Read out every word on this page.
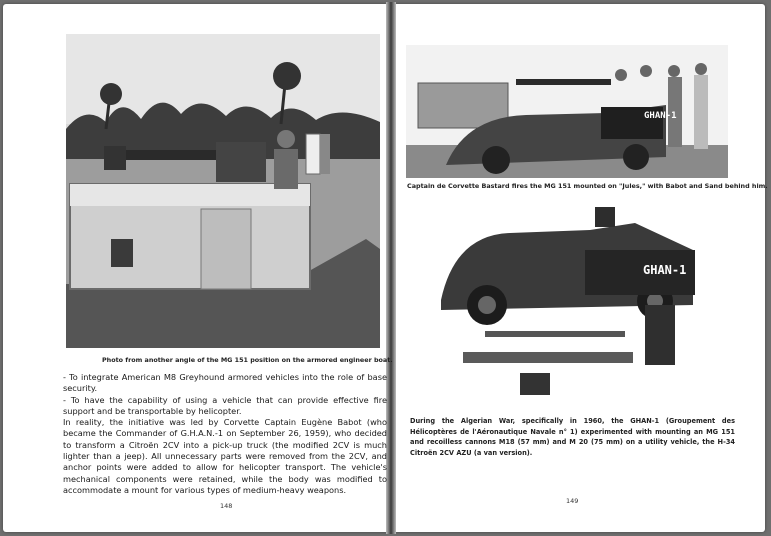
Photo from another angle of the MG 151 position on the armored engineer boat.

- To integrate American M8 Greyhound armored vehicles into the role of base security.

- To have the capability of using a vehicle that can provide effective fire support and be transportable by helicopter.

In reality, the initiative was led by Corvette Captain Eugène Babot (who became the Commander of G.H.A.N.-1 on September 26, 1959), who decided to transform a Citroën 2CV into a pick-up truck (the modified 2CV is much lighter than a jeep). All unnecessary parts were removed from the 2CV, and anchor points were added to allow for helicopter transport. The vehicle's mechanical components were retained, while the body was modified to accommodate a mount for various types of medium-heavy weapons.

148
GHAN-1

Captain de Corvette Bastard fires the MG 151 mounted on "Jules," with Babot and Sand behind him.

GHAN-1

During the Algerian War, specifically in 1960, the GHAN-1 (Groupement des Hélicoptères de l'Aéronautique Navale n° 1) experimented with mounting an MG 151 and recoilless cannons M18 (57 mm) and M 20 (75 mm) on a utility vehicle, the H-34 Citroën 2CV AZU (a van version).

149
